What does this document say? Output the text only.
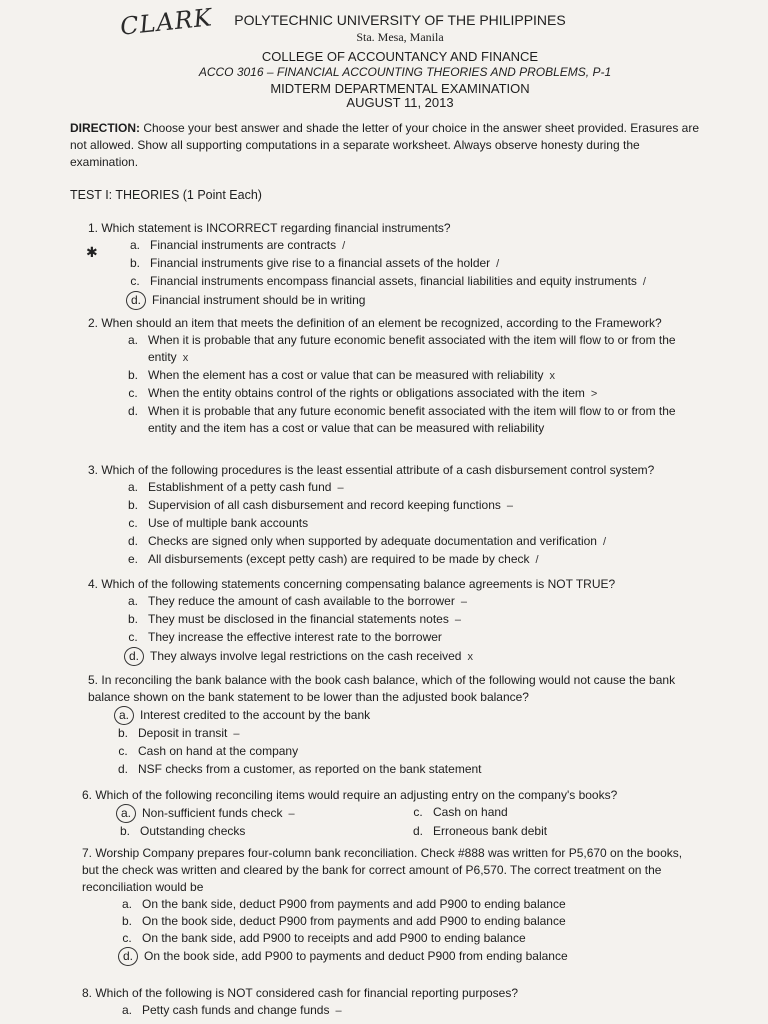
CLARK	POLYTECHNIC UNIVERSITY OF THE PHILIPPINES
Sta. Mesa, Manila
COLLEGE OF ACCOUNTANCY AND FINANCE
ACCO 3016 – FINANCIAL ACCOUNTING THEORIES AND PROBLEMS, P-1
MIDTERM DEPARTMENTAL EXAMINATION
AUGUST 11, 2013
DIRECTION: Choose your best answer and shade the letter of your choice in the answer sheet provided. Erasures are not allowed. Show all supporting computations in a separate worksheet. Always observe honesty during the examination.
TEST I: THEORIES (1 Point Each)
1. Which statement is INCORRECT regarding financial instruments?
a. Financial instruments are contracts /
b. Financial instruments give rise to a financial assets of the holder /
c. Financial instruments encompass financial assets, financial liabilities and equity instruments /
d. Financial instrument should be in writing
✱
2. When should an item that meets the definition of an element be recognized, according to the Framework?
a. When it is probable that any future economic benefit associated with the item will flow to or from the entity x
b. When the element has a cost or value that can be measured with reliability x
c. When the entity obtains control of the rights or obligations associated with the item >
d. When it is probable that any future economic benefit associated with the item will flow to or from the entity and the item has a cost or value that can be measured with reliability
3. Which of the following procedures is the least essential attribute of a cash disbursement control system?
a. Establishment of a petty cash fund –
b. Supervision of all cash disbursement and record keeping functions –
c. Use of multiple bank accounts
d. Checks are signed only when supported by adequate documentation and verification /
e. All disbursements (except petty cash) are required to be made by check /
4. Which of the following statements concerning compensating balance agreements is NOT TRUE?
a. They reduce the amount of cash available to the borrower –
b. They must be disclosed in the financial statements notes –
c. They increase the effective interest rate to the borrower
d. They always involve legal restrictions on the cash received x
5. In reconciling the bank balance with the book cash balance, which of the following would not cause the bank balance shown on the bank statement to be lower than the adjusted book balance?
a. Interest credited to the account by the bank
b. Deposit in transit –
c. Cash on hand at the company
d. NSF checks from a customer, as reported on the bank statement
6. Which of the following reconciling items would require an adjusting entry on the company's books?
a. Non-sufficient funds check –	c. Cash on hand
b. Outstanding checks	d. Erroneous bank debit
7. Worship Company prepares four-column bank reconciliation. Check #888 was written for P5,670 on the books, but the check was written and cleared by the bank for correct amount of P6,570. The correct treatment on the reconciliation would be
a. On the bank side, deduct P900 from payments and add P900 to ending balance
b. On the book side, deduct P900 from payments and add P900 to ending balance
c. On the bank side, add P900 to receipts and add P900 to ending balance
d. On the book side, add P900 to payments and deduct P900 from ending balance
8. Which of the following is NOT considered cash for financial reporting purposes?
a. Petty cash funds and change funds –
